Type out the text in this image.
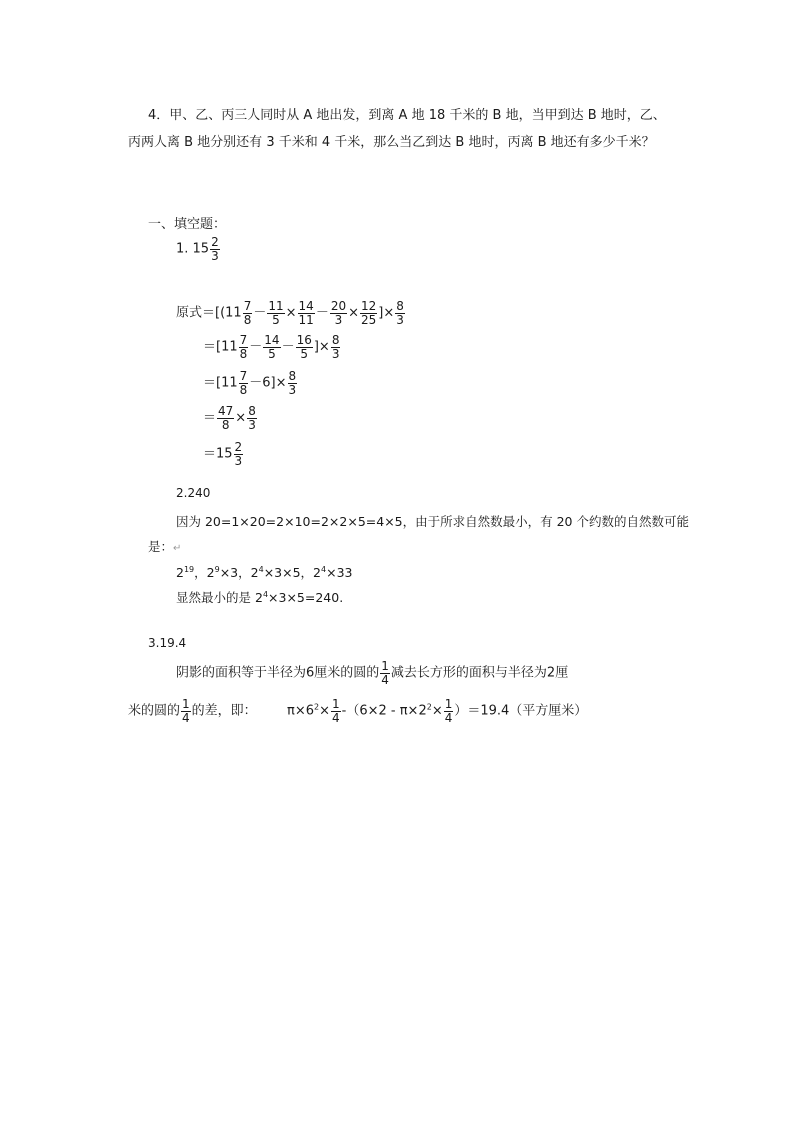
4．甲、乙、丙三人同时从 A 地出发，到离 A 地 18 千米的 B 地，当甲到达 B 地时，乙、
丙两人离 B 地分别还有 3 千米和 4 千米，那么当乙到达 B 地时，丙离 B 地还有多少千米？
一、填空题：
1. $15 \frac{2}{3}$
原式$=[(11 \frac{7}{8} - \frac{11}{5} \times \frac{14}{11} - \frac{20}{3} \times \frac{12}{25}$ ]× $\frac{8}{3}$
$=[11 \frac{7}{8} - \frac{14}{5} - \frac{16}{5}$ ]× $\frac{8}{3}$
$=[11 \frac{7}{8} -6]\times \frac{8}{3}$
＝ $\frac{47}{8} \times \frac{8}{3}$
$=15 \frac{2}{3}$
2.240
因为 20=1×20=2×10=2×2×5=4×5，由于所求自然数最小，有 20 个约数的自然数可能
是：↵
$2^{19}$，$2^9\times 3$，$2^4\times 3\times 5$，$2^4\times 33$
显然最小的是 $2^4\times 3\times 5=240$.
3.19.4
阴影的面积等于半径为6厘米的圆的 $\frac{1}{4}$ 减去长方形的面积与半径为2厘
米的圆的 $\frac{1}{4}$ 的差，即： $\pi\times 6^2\times \frac{1}{4} -(6\times 2 - \pi\times 2^2\times \frac{1}{4} )=19.4$（平方厘米）
